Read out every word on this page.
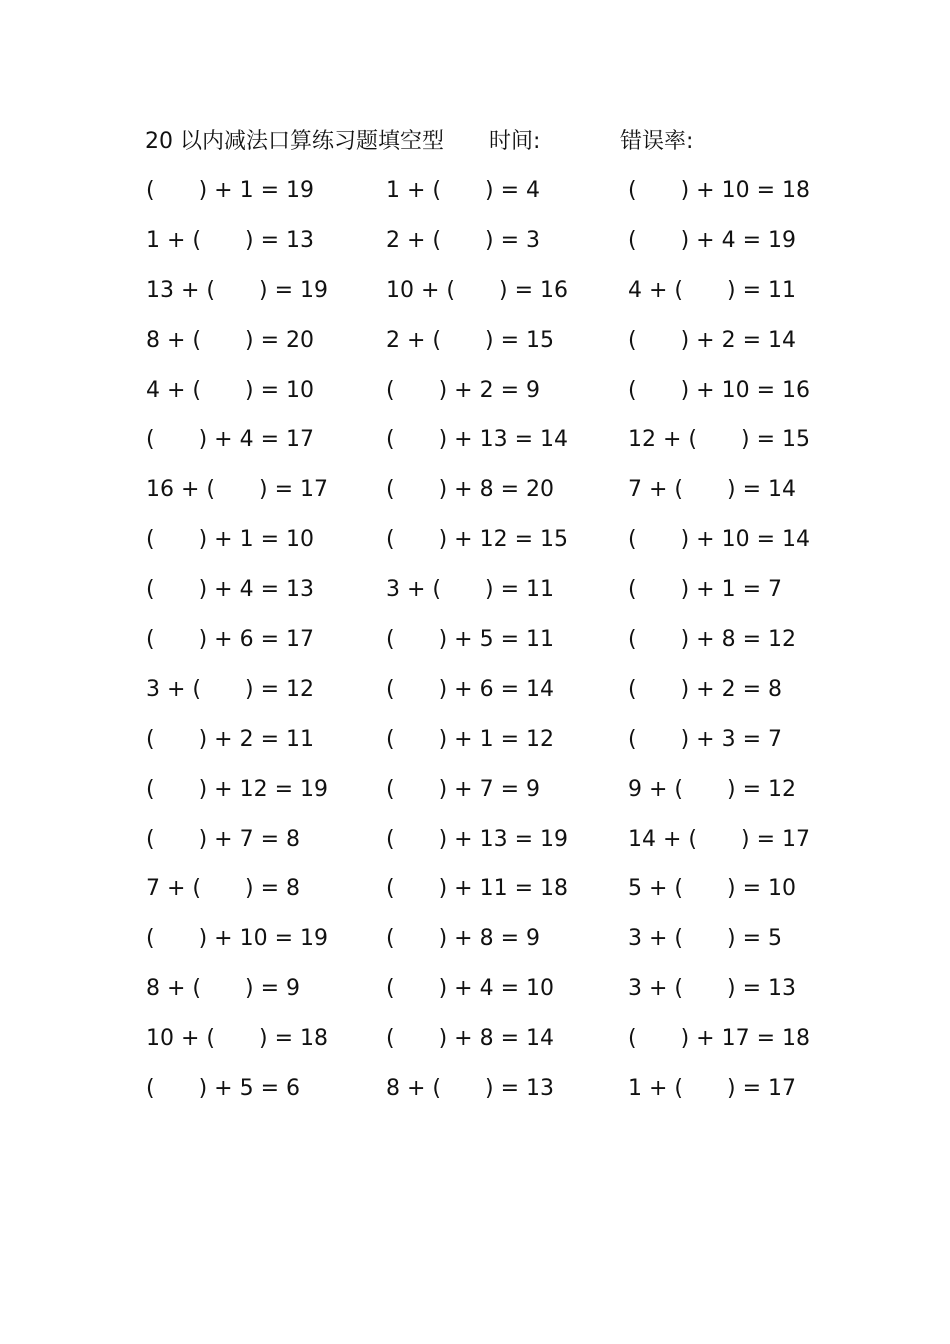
20 以内减法口算练习题填空型 时间:	错误率:
(　　) + 1 = 19	1 + (　　) = 4	(　　) + 10 = 18
1 + (　　) = 13	2 + (　　) = 3	(　　) + 4 = 19
13 + (　　) = 19	10 + (　　) = 16	4 + (　　) = 11
8 + (　　) = 20	2 + (　　) = 15	(　　) + 2 = 14
4 + (　　) = 10	(　　) + 2 = 9	(　　) + 10 = 16
(　　) + 4 = 17	(　　) + 13 = 14	12 + (　　) = 15
16 + (　　) = 17	(　　) + 8 = 20	7 + (　　) = 14
(　　) + 1 = 10	(　　) + 12 = 15	(　　) + 10 = 14
(　　) + 4 = 13	3 + (　　) = 11	(　　) + 1 = 7
(　　) + 6 = 17	(　　) + 5 = 11	(　　) + 8 = 12
3 + (　　) = 12	(　　) + 6 = 14	(　　) + 2 = 8
(　　) + 2 = 11	(　　) + 1 = 12	(　　) + 3 = 7
(　　) + 12 = 19	(　　) + 7 = 9	9 + (　　) = 12
(　　) + 7 = 8	(　　) + 13 = 19	14 + (　　) = 17
7 + (　　) = 8	(　　) + 11 = 18	5 + (　　) = 10
(　　) + 10 = 19	(　　) + 8 = 9	3 + (　　) = 5
8 + (　　) = 9	(　　) + 4 = 10	3 + (　　) = 13
10 + (　　) = 18	(　　) + 8 = 14	(　　) + 17 = 18
(　　) + 5 = 6	8 + (　　) = 13	1 + (　　) = 17
